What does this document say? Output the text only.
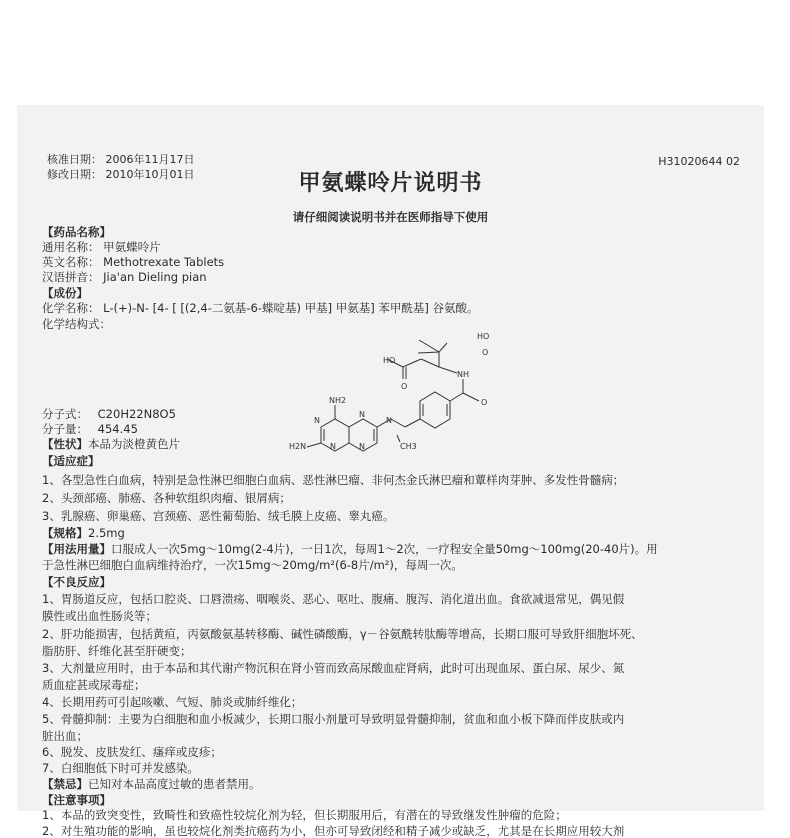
核准日期： 2006年11月17日
修改日期： 2010年10月01日
H31020644 02
甲氨蝶呤片说明书
请仔细阅读说明书并在医师指导下使用
【药品名称】
通用名称： 甲氨蝶呤片
英文名称： Methotrexate Tablets
汉语拼音： Jia'an Dieling pian
【成份】
化学名称： L-(+)-N- [4- [ [(2,4-二氨基-6-蝶啶基) 甲基] 甲氨基] 苯甲酰基] 谷氨酸。
化学结构式：
HO
O
HO
O
NH
O
NH2
N
N
N
N
N	CH3
H2N
分子式： C20H22N8O5
分子量： 454.45
【性状】本品为淡橙黄色片
【适应症】
1、各型急性白血病，特别是急性淋巴细胞白血病、恶性淋巴瘤、非何杰金氏淋巴瘤和蕈样肉芽肿、多发性骨髓病；
2、头颈部癌、肺癌、各种软组织肉瘤、银屑病；
3、乳腺癌、卵巢癌、宫颈癌、恶性葡萄胎、绒毛膜上皮癌、睾丸癌。
【规格】2.5mg
【用法用量】口服成人一次5mg～10mg(2-4片)，一日1次，每周1～2次，一疗程安全量50mg～100mg(20-40片)。用
于急性淋巴细胞白血病维持治疗，一次15mg～20mg/m²(6-8片/m²)，每周一次。
【不良反应】
1、胃肠道反应，包括口腔炎、口唇溃疡、咽喉炎、恶心、呕吐、腹痛、腹泻、消化道出血。食欲减退常见，偶见假
膜性或出血性肠炎等；
2、肝功能损害，包括黄疸，丙氨酸氨基转移酶、碱性磷酸酶，γ－谷氨酰转肽酶等增高，长期口服可导致肝细胞坏死、
脂肪肝、纤维化甚至肝硬变；
3、大剂量应用时，由于本品和其代谢产物沉积在肾小管而致高尿酸血症肾病，此时可出现血尿、蛋白尿、尿少、氮
质血症甚或尿毒症；
4、长期用药可引起咳嗽、气短、肺炎或肺纤维化；
5、骨髓抑制：主要为白细胞和血小板减少，长期口服小剂量可导致明显骨髓抑制，贫血和血小板下降而伴皮肤或内
脏出血；
6、脱发、皮肤发红、瘙痒或皮疹；
7、白细胞低下时可并发感染。
【禁忌】已知对本品高度过敏的患者禁用。
【注意事项】
1、本品的致突变性，致畸性和致癌性较烷化剂为轻，但长期服用后，有潜在的导致继发性肿瘤的危险；
2、对生殖功能的影响，虽也较烷化剂类抗癌药为小，但亦可导致闭经和精子减少或缺乏，尤其是在长期应用较大剂
